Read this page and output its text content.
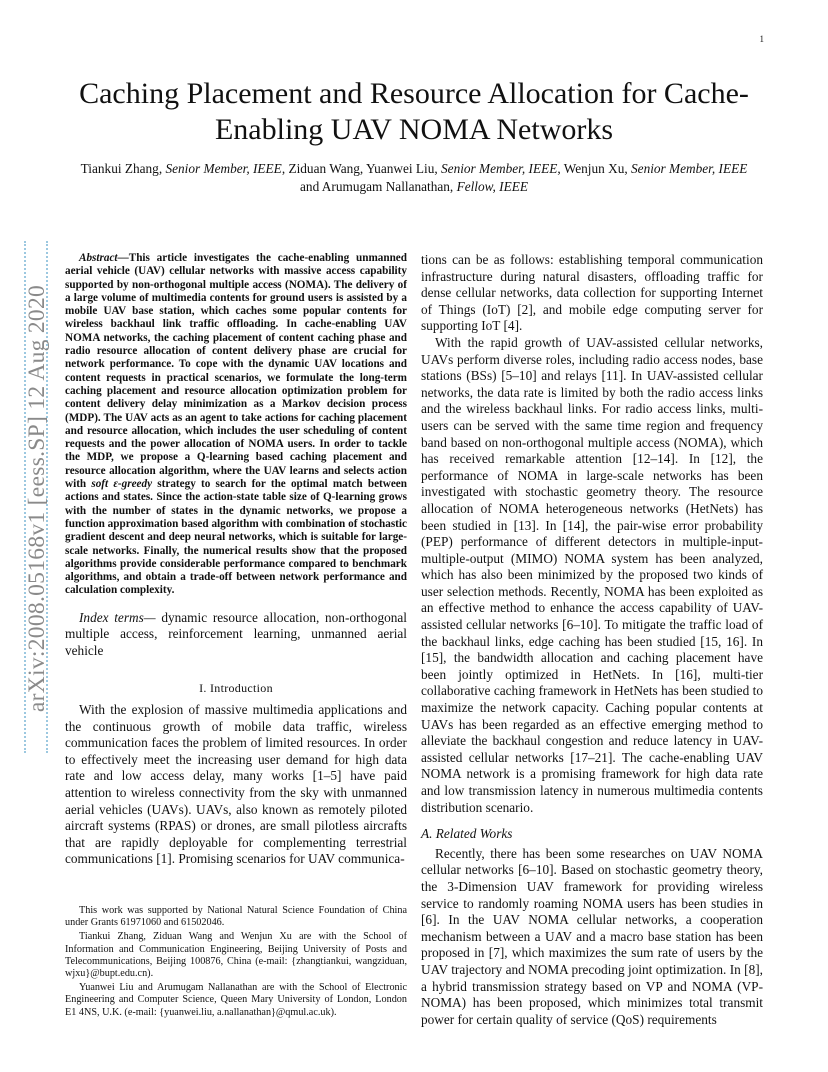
1
arXiv:2008.05168v1 [eess.SP] 12 Aug 2020
Caching Placement and Resource Allocation for Cache-Enabling UAV NOMA Networks
Tiankui Zhang, Senior Member, IEEE, Ziduan Wang, Yuanwei Liu, Senior Member, IEEE, Wenjun Xu, Senior Member, IEEE and Arumugam Nallanathan, Fellow, IEEE

Abstract—This article investigates the cache-enabling unmanned aerial vehicle (UAV) cellular networks with massive access capability supported by non-orthogonal multiple access (NOMA). The delivery of a large volume of multimedia contents for ground users is assisted by a mobile UAV base station, which caches some popular contents for wireless backhaul link traffic offloading. In cache-enabling UAV NOMA networks, the caching placement of content caching phase and radio resource allocation of content delivery phase are crucial for network performance. To cope with the dynamic UAV locations and content requests in practical scenarios, we formulate the long-term caching placement and resource allocation optimization problem for content delivery delay minimization as a Markov decision process (MDP). The UAV acts as an agent to take actions for caching placement and resource allocation, which includes the user scheduling of content requests and the power allocation of NOMA users. In order to tackle the MDP, we propose a Q-learning based caching placement and resource allocation algorithm, where the UAV learns and selects action with soft ε-greedy strategy to search for the optimal match between actions and states. Since the action-state table size of Q-learning grows with the number of states in the dynamic networks, we propose a function approximation based algorithm with combination of stochastic gradient descent and deep neural networks, which is suitable for large-scale networks. Finally, the numerical results show that the proposed algorithms provide considerable performance compared to benchmark algorithms, and obtain a trade-off between network performance and calculation complexity.

Index terms— dynamic resource allocation, non-orthogonal multiple access, reinforcement learning, unmanned aerial vehicle

I. Introduction

With the explosion of massive multimedia applications and the continuous growth of mobile data traffic, wireless communication faces the problem of limited resources. In order to effectively meet the increasing user demand for high data rate and low access delay, many works [1–5] have paid attention to wireless connectivity from the sky with unmanned aerial vehicles (UAVs). UAVs, also known as remotely piloted aircraft systems (RPAS) or drones, are small pilotless aircrafts that are rapidly deployable for complementing terrestrial communications [1]. Promising scenarios for UAV communica-

This work was supported by National Natural Science Foundation of China under Grants 61971060 and 61502046.

Tiankui Zhang, Ziduan Wang and Wenjun Xu are with the School of Information and Communication Engineering, Beijing University of Posts and Telecommunications, Beijing 100876, China (e-mail: {zhangtiankui, wangziduan, wjxu}@bupt.edu.cn).

Yuanwei Liu and Arumugam Nallanathan are with the School of Electronic Engineering and Computer Science, Queen Mary University of London, London E1 4NS, U.K. (e-mail: {yuanwei.liu, a.nallanathan}@qmul.ac.uk).

tions can be as follows: establishing temporal communication infrastructure during natural disasters, offloading traffic for dense cellular networks, data collection for supporting Internet of Things (IoT) [2], and mobile edge computing server for supporting IoT [4].

With the rapid growth of UAV-assisted cellular networks, UAVs perform diverse roles, including radio access nodes, base stations (BSs) [5–10] and relays [11]. In UAV-assisted cellular networks, the data rate is limited by both the radio access links and the wireless backhaul links. For radio access links, multi-users can be served with the same time region and frequency band based on non-orthogonal multiple access (NOMA), which has received remarkable attention [12–14]. In [12], the performance of NOMA in large-scale networks has been investigated with stochastic geometry theory. The resource allocation of NOMA heterogeneous networks (HetNets) has been studied in [13]. In [14], the pair-wise error probability (PEP) performance of different detectors in multiple-input-multiple-output (MIMO) NOMA system has been analyzed, which has also been minimized by the proposed two kinds of user selection methods. Recently, NOMA has been exploited as an effective method to enhance the access capability of UAV-assisted cellular networks [6–10]. To mitigate the traffic load of the backhaul links, edge caching has been studied [15, 16]. In [15], the bandwidth allocation and caching placement have been jointly optimized in HetNets. In [16], multi-tier collaborative caching framework in HetNets has been studied to maximize the network capacity. Caching popular contents at UAVs has been regarded as an effective emerging method to alleviate the backhaul congestion and reduce latency in UAV-assisted cellular networks [17–21]. The cache-enabling UAV NOMA network is a promising framework for high data rate and low transmission latency in numerous multimedia contents distribution scenario.

A. Related Works

Recently, there has been some researches on UAV NOMA cellular networks [6–10]. Based on stochastic geometry theory, the 3-Dimension UAV framework for providing wireless service to randomly roaming NOMA users has been studies in [6]. In the UAV NOMA cellular networks, a cooperation mechanism between a UAV and a macro base station has been proposed in [7], which maximizes the sum rate of users by the UAV trajectory and NOMA precoding joint optimization. In [8], a hybrid transmission strategy based on VP and NOMA (VP-NOMA) has been proposed, which minimizes total transmit power for certain quality of service (QoS) requirements
